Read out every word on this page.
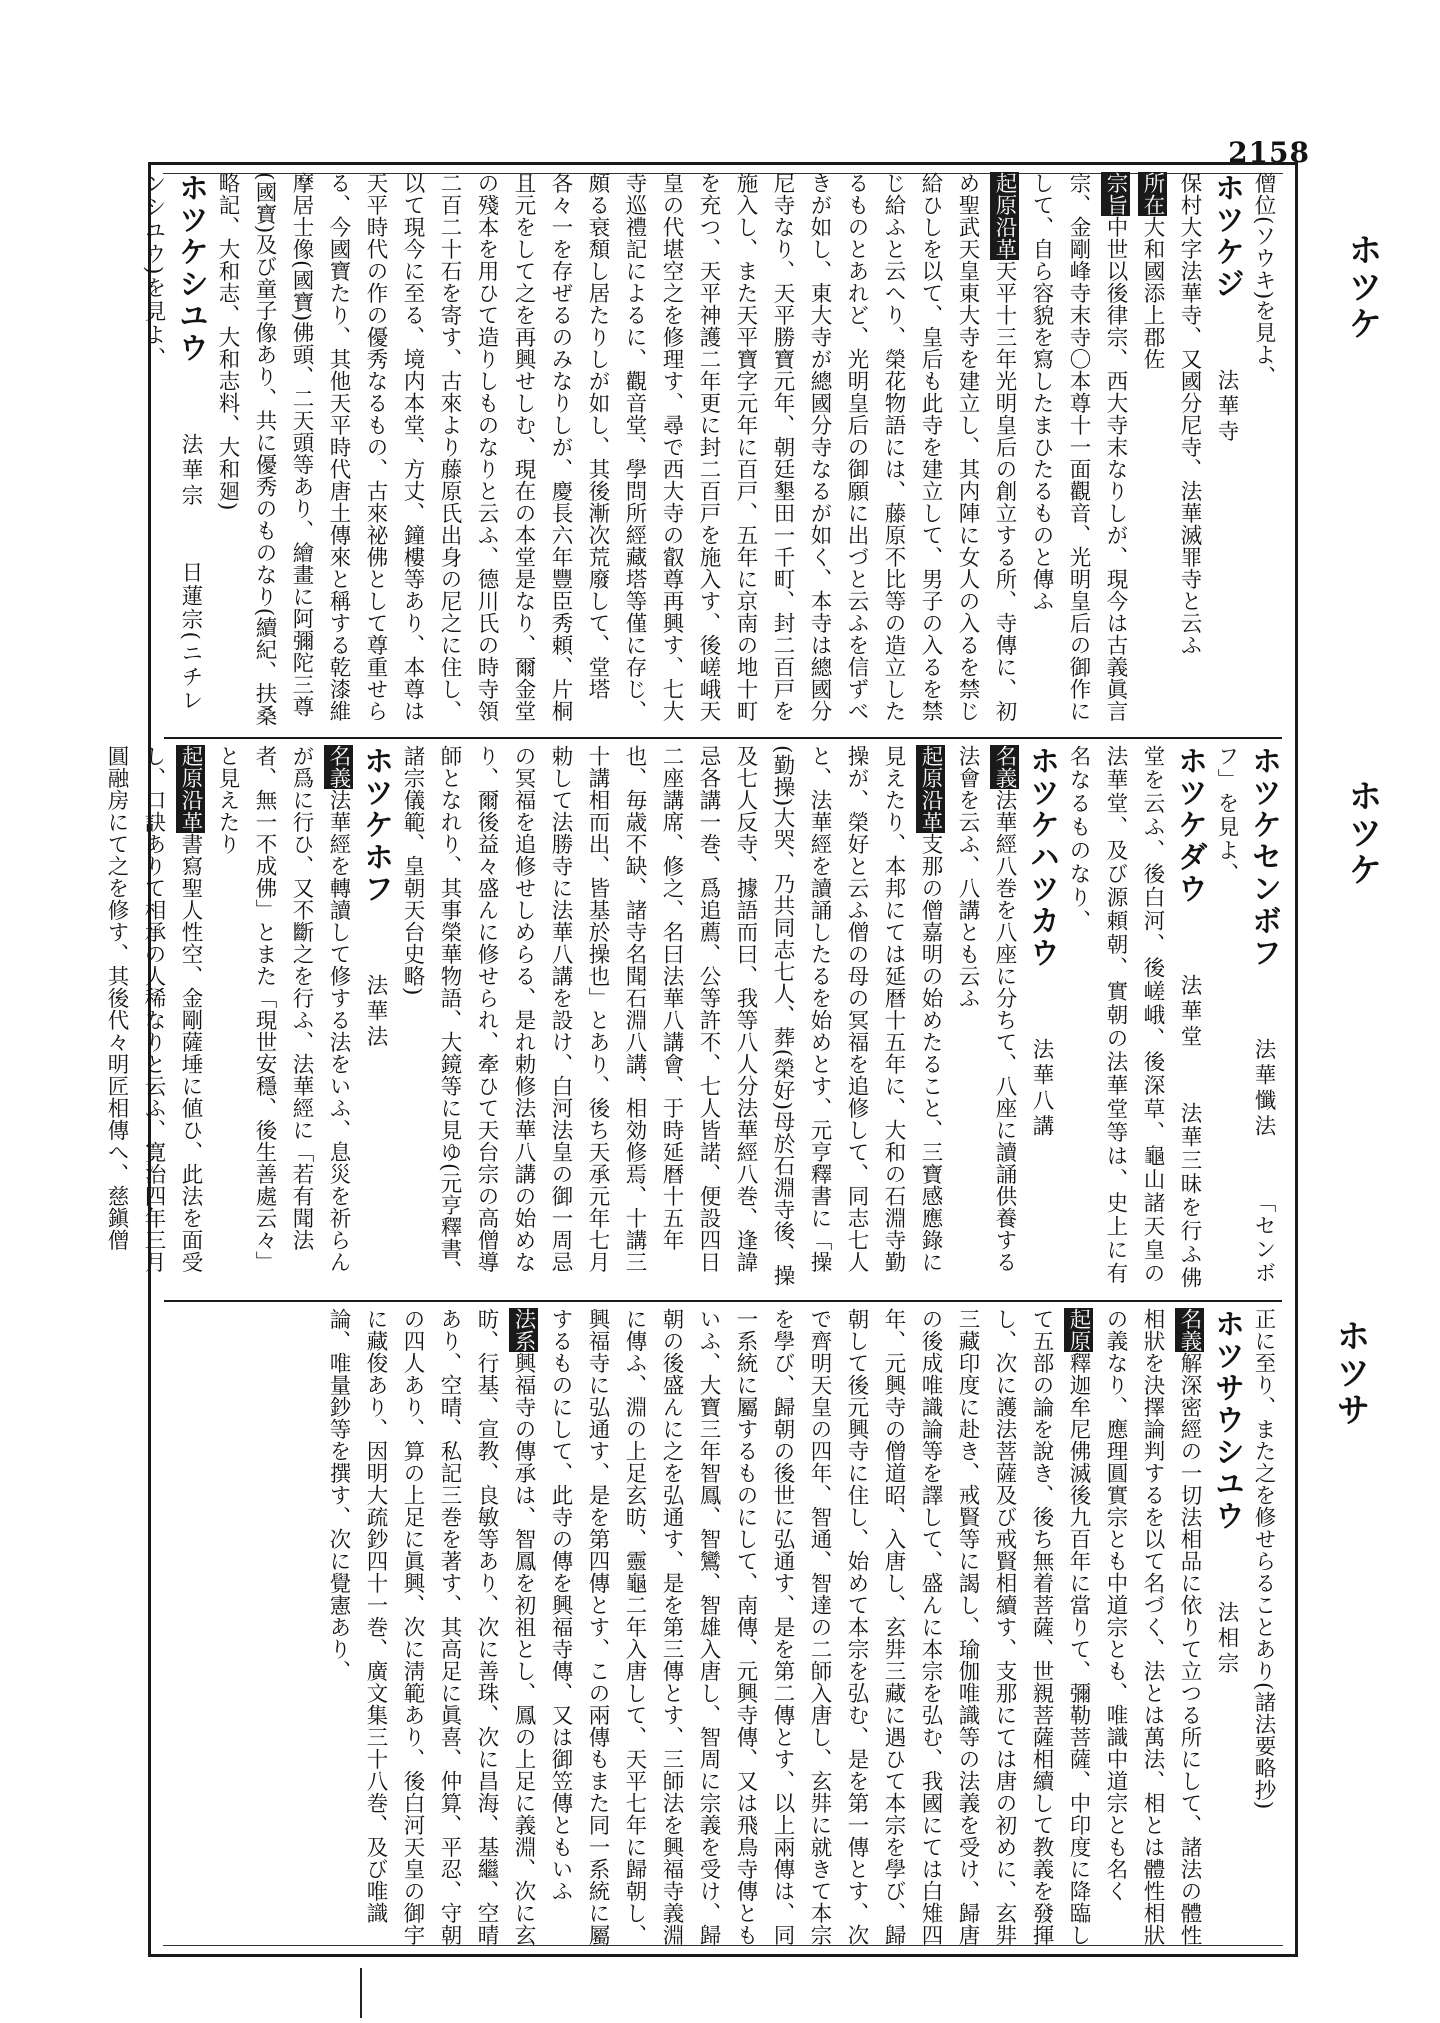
2158
ホツケ
ホツケ
ホツサ

僧位(ソウキ)を見よ、

ホツケジ法華寺

保村大字法華寺、又國分尼寺、法華滅罪寺と云ふ

所在大和國添上郡佐

宗旨中世以後律宗、西大寺末なりしが、現今は古義眞言宗、金剛峰寺末寺〇本尊十一面觀音、光明皇后の御作にして、自ら容貌を寫したまひたるものと傳ふ

起原沿革天平十三年光明皇后の創立する所、寺傳に、初め聖武天皇東大寺を建立し、其内陣に女人の入るを禁じ給ひしを以て、皇后も此寺を建立して、男子の入るを禁じ給ふと云へり、榮花物語には、藤原不比等の造立したるものとあれど、光明皇后の御願に出づと云ふを信ずべきが如し、東大寺が總國分寺なるが如く、本寺は總國分尼寺なり、天平勝寶元年、朝廷墾田一千町、封二百戸を施入し、また天平寶字元年に百戸、五年に京南の地十町を充つ、天平神護二年更に封二百戸を施入す、後嵯峨天皇の代堪空之を修理す、尋で西大寺の叡尊再興す、七大寺巡禮記によるに、觀音堂、學問所經藏塔等僅に存じ、頗る衰頽し居たりしが如し、其後漸次荒廢して、堂塔各々一を存ぜるのみなりしが、慶長六年豐臣秀頼、片桐且元をして之を再興せしむ、現在の本堂是なり、爾金堂の殘本を用ひて造りしものなりと云ふ、德川氏の時寺領二百二十石を寄す、古來より藤原氏出身の尼之に住し、以て現今に至る、境内本堂、方丈、鐘樓等あり、本尊は天平時代の作の優秀なるもの、古來祕佛として尊重せらる、今國寶たり、其他天平時代唐土傳來と稱する乾漆維摩居士像(國寶)佛頭、二天頭等あり、繪畫に阿彌陀三尊(國寶)及び童子像あり、共に優秀のものなり(續紀、扶桑略記、大和志、大和志料、大和廻)

ホツケシユウ法華宗日蓮宗(ニチレンシユウ)を見よ、

ホツケセンボフ法華懺法「センボフ」を見よ、

ホツケダウ法華堂法華三昧を行ふ佛堂を云ふ、後白河、後嵯峨、後深草、龜山諸天皇の法華堂、及び源頼朝、實朝の法華堂等は、史上に有名なるものなり、

ホツケハツカウ法華八講

名義法華經八巻を八座に分ちて、八座に讀誦供養する法會を云ふ、八講とも云ふ

起原沿革支那の僧嘉明の始めたること、三寶感應錄に見えたり、本邦にては延暦十五年に、大和の石淵寺勤操が、榮好と云ふ僧の母の冥福を追修して、同志七人と、法華經を讀誦したるを始めとす、元亨釋書に「操(勤操)大哭、乃共同志七人、葬(榮好)母於石淵寺後、操及七人反寺、據語而曰、我等八人分法華經八巻、逢諱忌各講一巻、爲追薦、公等許不、七人皆諾、便設四日二座講席、修之、名曰法華八講會、于時延暦十五年也、毎歳不缺、諸寺名聞石淵八講、相効修焉、十講三十講相而出、皆基於操也」とあり、後ち天承元年七月勅して法勝寺に法華八講を設け、白河法皇の御一周忌の冥福を追修せしめらる、是れ勅修法華八講の始めなり、爾後益々盛んに修せられ、牽ひて天台宗の高僧導師となれり、其事榮華物語、大鏡等に見ゆ(元亨釋書、諸宗儀範、皇朝天台史略)

ホツケホフ法華法

名義法華經を轉讀して修する法をいふ、息災を祈らんが爲に行ひ、又不斷之を行ふ、法華經に「若有聞法者、無一不成佛」とまた「現世安穩、後生善處云々」と見えたり

起原沿革書寫聖人性空、金剛薩埵に値ひ、此法を面受し、口訣ありて相承の人稀なりと云ふ、寛治四年三月圓融房にて之を修す、其後代々明匠相傳へ、慈鎭僧

正に至り、また之を修せらることあり(諸法要略抄)

ホツサウシユウ法相宗

名義解深密經の一切法相品に依りて立つる所にして、諸法の體性相狀を決擇論判するを以て名づく、法とは萬法、相とは體性相狀の義なり、應理圓實宗とも中道宗とも、唯識中道宗とも名く

起原釋迦牟尼佛滅後九百年に當りて、彌勒菩薩、中印度に降臨して五部の論を說き、後ち無着菩薩、世親菩薩相續して教義を發揮し、次に護法菩薩及び戒賢相續す、支那にては唐の初めに、玄弉三藏印度に赴き、戒賢等に謁し、瑜伽唯識等の法義を受け、歸唐の後成唯識論等を譯して、盛んに本宗を弘む、我國にては白雉四年、元興寺の僧道昭、入唐し、玄弉三藏に遇ひて本宗を學び、歸朝して後元興寺に住し、始めて本宗を弘む、是を第一傳とす、次で齊明天皇の四年、智通、智達の二師入唐し、玄弉に就きて本宗を學び、歸朝の後世に弘通す、是を第二傳とす、以上兩傳は、同一系統に屬するものにして、南傳、元興寺傳、又は飛鳥寺傳ともいふ、大寶三年智鳳、智鸞、智雄入唐し、智周に宗義を受け、歸朝の後盛んに之を弘通す、是を第三傳とす、三師法を興福寺義淵に傳ふ、淵の上足玄昉、靈龜二年入唐して、天平七年に歸朝し、興福寺に弘通す、是を第四傳とす、この兩傳もまた同一系統に屬するものにして、此寺の傳を興福寺傳、又は御笠傳ともいふ

法系興福寺の傳承は、智鳳を初祖とし、鳳の上足に義淵、次に玄昉、行基、宣教、良敏等あり、次に善珠、次に昌海、基繼、空晴あり、空晴、私記三巻を著す、其高足に眞喜、仲算、平忍、守朝の四人あり、算の上足に眞興、次に淸範あり、後白河天皇の御宇に藏俊あり、因明大疏鈔四十一巻、廣文集三十八巻、及び唯識論、唯量鈔等を撰す、次に覺憲あり、
